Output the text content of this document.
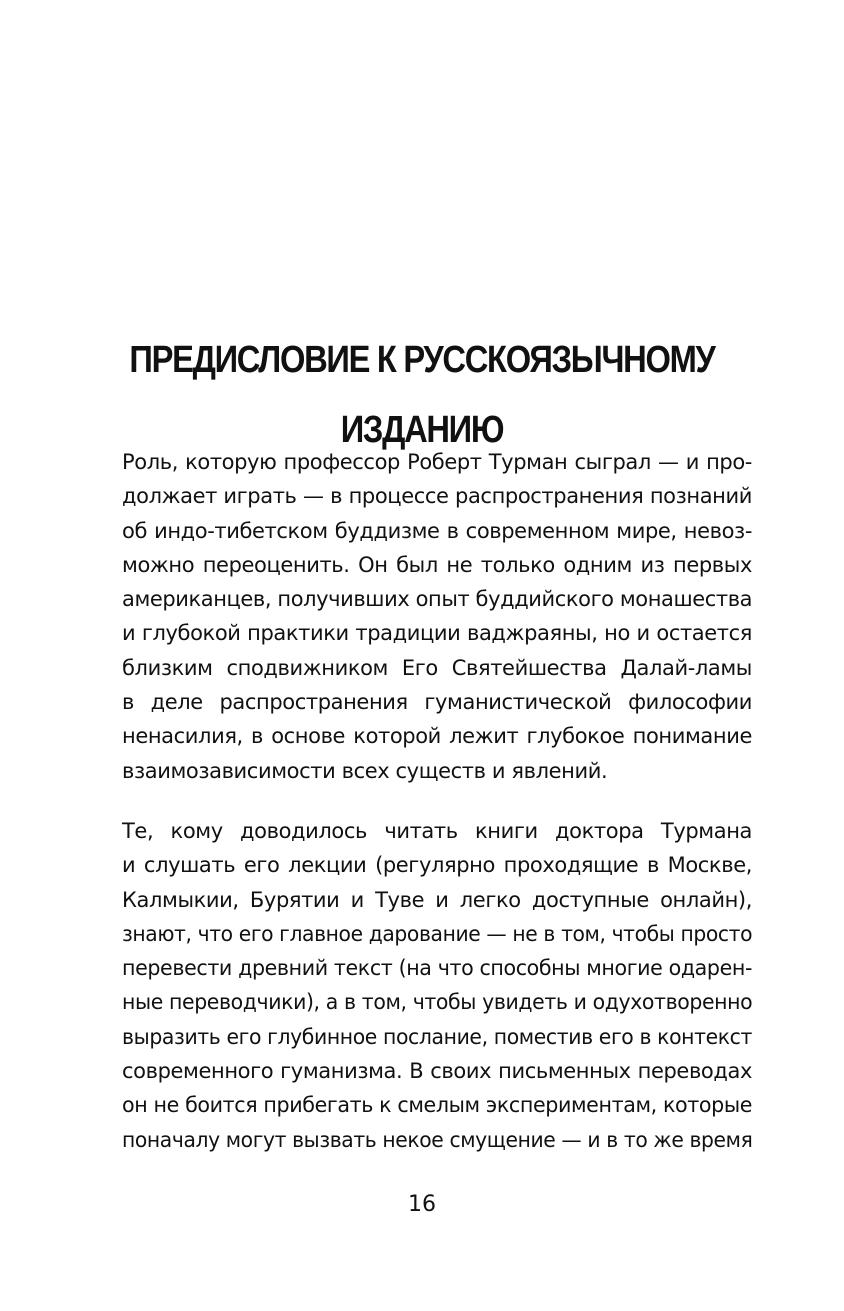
ПРЕДИСЛОВИЕ К РУССКОЯЗЫЧНОМУ
ИЗДАНИЮ
Роль, которую профессор Роберт Турман сыграл — и про-
должает играть — в процессе распространения познаний
об индо-тибетском буддизме в современном мире, невоз-
можно переоценить. Он был не только одним из первых
американцев, получивших опыт буддийского монашества
и глубокой практики традиции ваджраяны, но и остается
близким сподвижником Его Святейшества Далай-ламы
в деле распространения гуманистической философии
ненасилия, в основе которой лежит глубокое понимание
взаимозависимости всех существ и явлений.
Те, кому доводилось читать книги доктора Турмана
и слушать его лекции (регулярно проходящие в Москве,
Калмыкии, Бурятии и Туве и легко доступные онлайн),
знают, что его главное дарование — не в том, чтобы просто
перевести древний текст (на что способны многие одарен-
ные переводчики), а в том, чтобы увидеть и одухотворенно
выразить его глубинное послание, поместив его в контекст
современного гуманизма. В своих письменных переводах
он не боится прибегать к смелым экспериментам, которые
поначалу могут вызвать некое смущение — и в то же время
16
